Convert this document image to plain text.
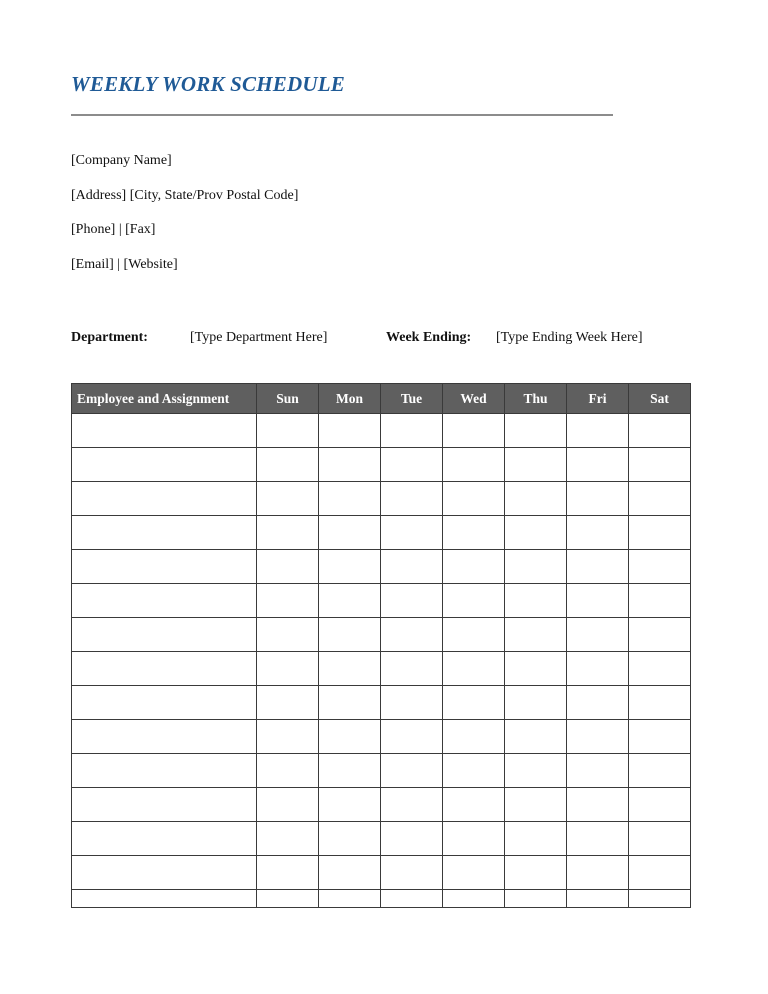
WEEKLY WORK SCHEDULE
[Company Name]
[Address] [City, State/Prov Postal Code]
[Phone] | [Fax]
[Email] | [Website]
Department:	[Type Department Here]	Week Ending: [Type Ending Week Here]
Employee and Assignment	Sun	Mon	Tue	Wed	Thu	Fri	Sat
